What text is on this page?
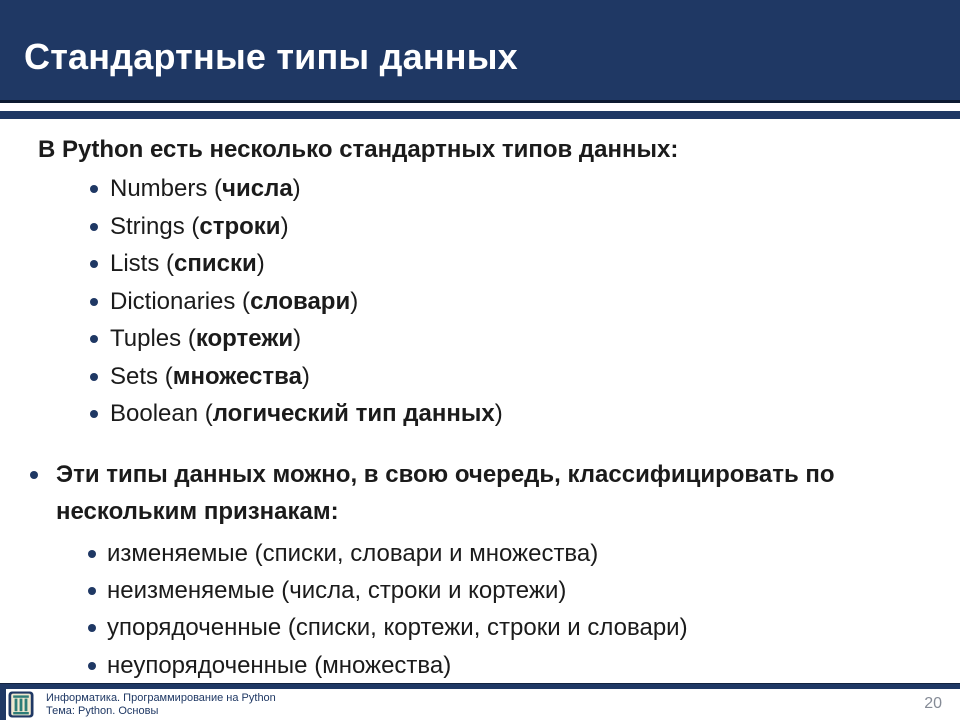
Стандартные типы данных
В Python есть несколько стандартных типов данных:
Numbers (числа)
Strings (строки)
Lists (списки)
Dictionaries (словари)
Tuples (кортежи)
Sets (множества)
Boolean (логический тип данных)
Эти типы данных можно, в свою очередь, классифицировать по нескольким признакам:
изменяемые (списки, словари и множества)
неизменяемые (числа, строки и кортежи)
упорядоченные (списки, кортежи, строки и словари)
неупорядоченные (множества)
Информатика. Программирование на Python
Тема: Python. Основы	20
